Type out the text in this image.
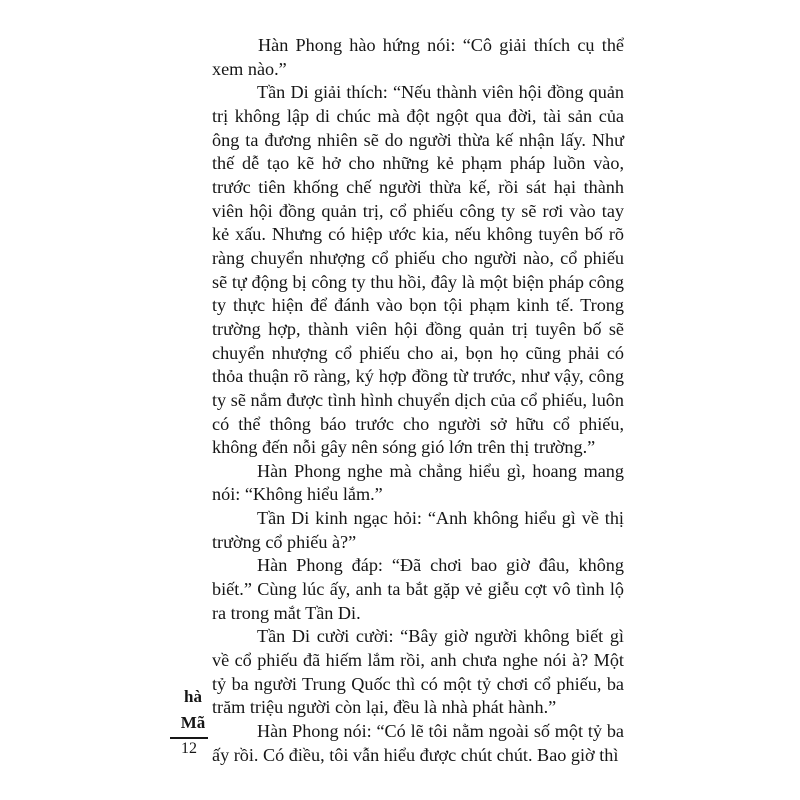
Hàn Phong hào hứng nói: “Cô giải thích cụ thể xem nào.”

Tần Di giải thích: “Nếu thành viên hội đồng quản trị không lập di chúc mà đột ngột qua đời, tài sản của ông ta đương nhiên sẽ do người thừa kế nhận lấy. Như thế dễ tạo kẽ hở cho những kẻ phạm pháp luồn vào, trước tiên khống chế người thừa kế, rồi sát hại thành viên hội đồng quản trị, cổ phiếu công ty sẽ rơi vào tay kẻ xấu. Nhưng có hiệp ước kia, nếu không tuyên bố rõ ràng chuyển nhượng cổ phiếu cho người nào, cổ phiếu sẽ tự động bị công ty thu hồi, đây là một biện pháp công ty thực hiện để đánh vào bọn tội phạm kinh tế. Trong trường hợp, thành viên hội đồng quản trị tuyên bố sẽ chuyển nhượng cổ phiếu cho ai, bọn họ cũng phải có thỏa thuận rõ ràng, ký hợp đồng từ trước, như vậy, công ty sẽ nắm được tình hình chuyển dịch của cổ phiếu, luôn có thể thông báo trước cho người sở hữu cổ phiếu, không đến nỗi gây nên sóng gió lớn trên thị trường.”

Hàn Phong nghe mà chẳng hiểu gì, hoang mang nói: “Không hiểu lắm.”

Tần Di kinh ngạc hỏi: “Anh không hiểu gì về thị trường cổ phiếu à?”

Hàn Phong đáp: “Đã chơi bao giờ đâu, không biết.” Cùng lúc ấy, anh ta bắt gặp vẻ giễu cợt vô tình lộ ra trong mắt Tần Di.

Tần Di cười cười: “Bây giờ người không biết gì về cổ phiếu đã hiếm lắm rồi, anh chưa nghe nói à? Một tỷ ba người Trung Quốc thì có một tỷ chơi cổ phiếu, ba trăm triệu người còn lại, đều là nhà phát hành.”

Hàn Phong nói: “Có lẽ tôi nằm ngoài số một tỷ ba ấy rồi. Có điều, tôi vẫn hiểu được chút chút. Bao giờ thì

hà
Mã
12
